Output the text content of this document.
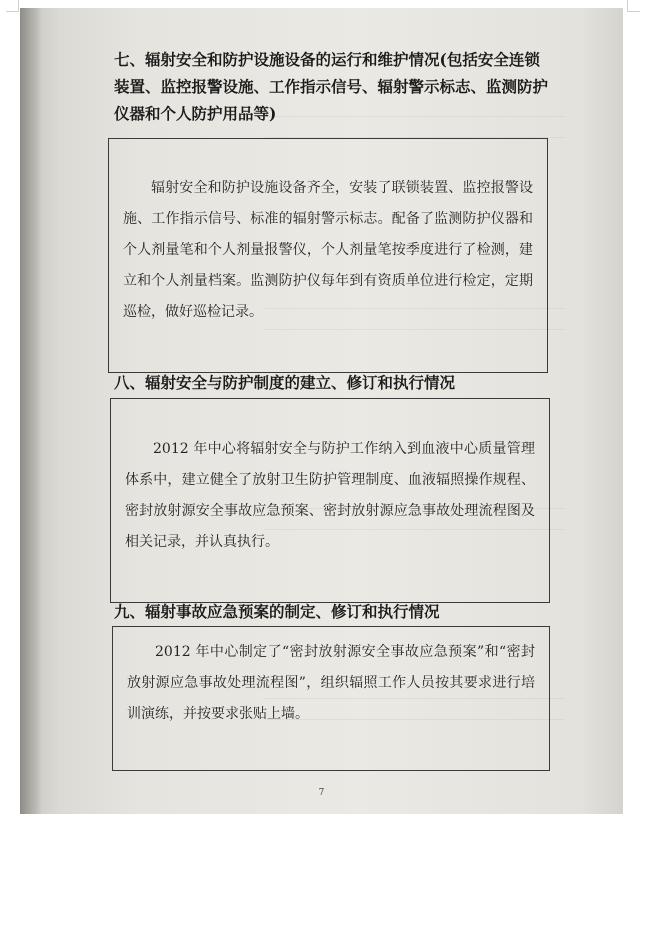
七、辐射安全和防护设施设备的运行和维护情况(包括安全连锁装置、监控报警设施、工作指示信号、辐射警示标志、监测防护仪器和个人防护用品等)

辐射安全和防护设施设备齐全，安装了联锁装置、监控报警设施、工作指示信号、标准的辐射警示标志。配备了监测防护仪器和个人剂量笔和个人剂量报警仪，个人剂量笔按季度进行了检测，建立和个人剂量档案。监测防护仪每年到有资质单位进行检定，定期巡检，做好巡检记录。

八、辐射安全与防护制度的建立、修订和执行情况

2012 年中心将辐射安全与防护工作纳入到血液中心质量管理体系中，建立健全了放射卫生防护管理制度、血液辐照操作规程、密封放射源安全事故应急预案、密封放射源应急事故处理流程图及相关记录，并认真执行。

九、辐射事故应急预案的制定、修订和执行情况

2012 年中心制定了“密封放射源安全事故应急预案”和“密封放射源应急事故处理流程图”，组织辐照工作人员按其要求进行培训演练，并按要求张贴上墙。

7
